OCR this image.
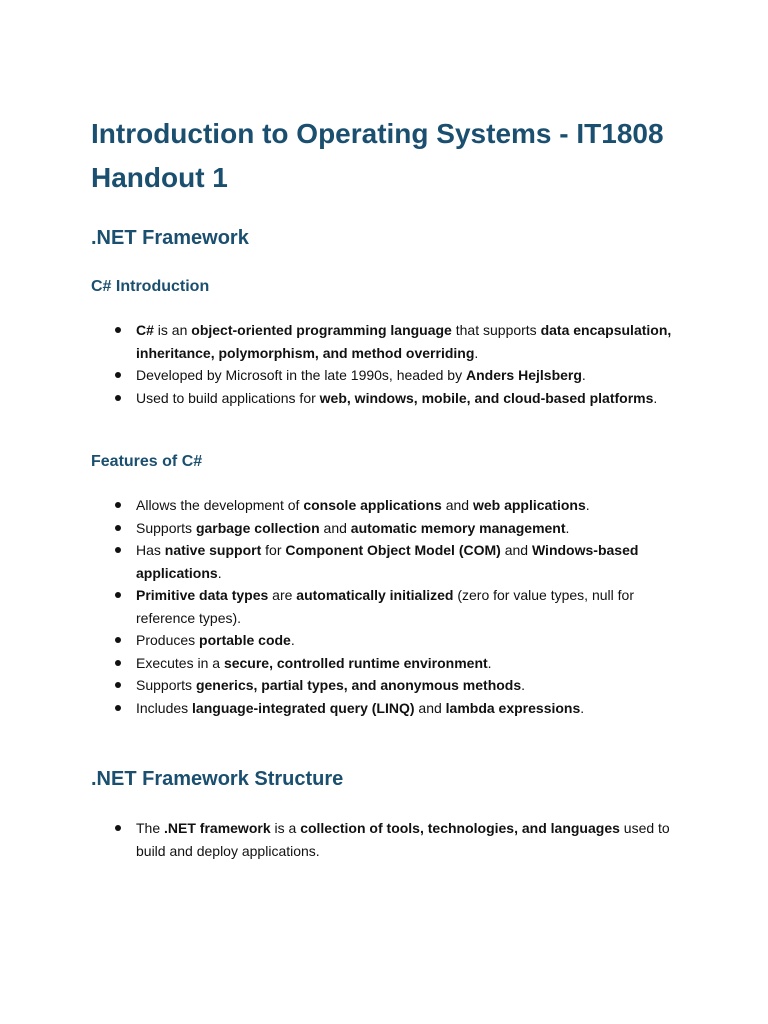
Introduction to Operating Systems - IT1808 Handout 1
.NET Framework
C# Introduction
C# is an object-oriented programming language that supports data encapsulation, inheritance, polymorphism, and method overriding.
Developed by Microsoft in the late 1990s, headed by Anders Hejlsberg.
Used to build applications for web, windows, mobile, and cloud-based platforms.
Features of C#
Allows the development of console applications and web applications.
Supports garbage collection and automatic memory management.
Has native support for Component Object Model (COM) and Windows-based applications.
Primitive data types are automatically initialized (zero for value types, null for reference types).
Produces portable code.
Executes in a secure, controlled runtime environment.
Supports generics, partial types, and anonymous methods.
Includes language-integrated query (LINQ) and lambda expressions.
.NET Framework Structure
The .NET framework is a collection of tools, technologies, and languages used to build and deploy applications.
